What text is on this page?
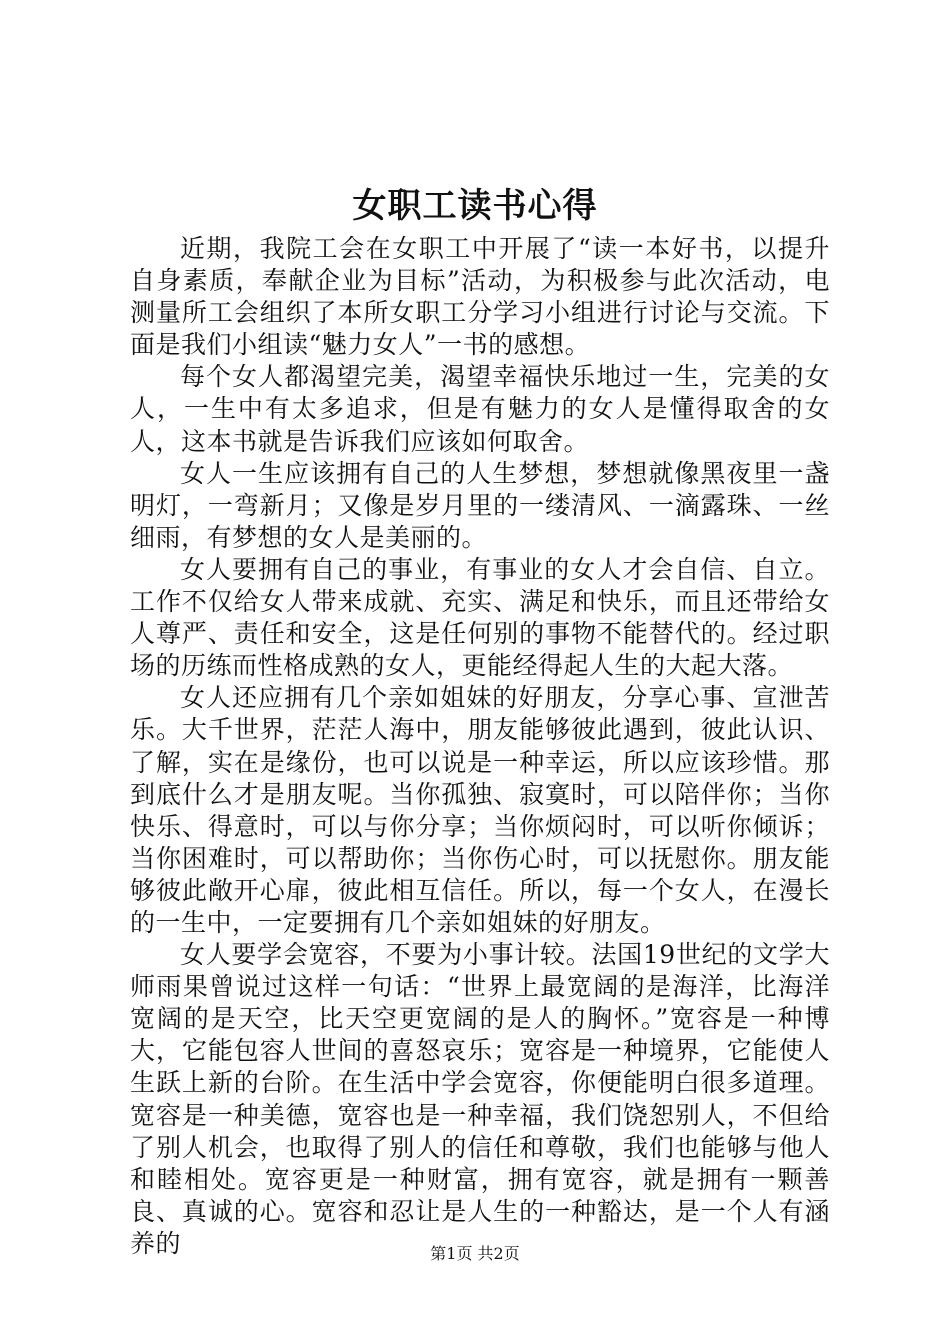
女职工读书心得

近期，我院工会在女职工中开展了“读一本好书，以提升自身素质，奉献企业为目标”活动，为积极参与此次活动，电测量所工会组织了本所女职工分学习小组进行讨论与交流。下面是我们小组读“魅力女人”一书的感想。

每个女人都渴望完美，渴望幸福快乐地过一生，完美的女人，一生中有太多追求，但是有魅力的女人是懂得取舍的女人，这本书就是告诉我们应该如何取舍。

女人一生应该拥有自己的人生梦想，梦想就像黑夜里一盏明灯，一弯新月；又像是岁月里的一缕清风、一滴露珠、一丝细雨，有梦想的女人是美丽的。

女人要拥有自己的事业，有事业的女人才会自信、自立。工作不仅给女人带来成就、充实、满足和快乐，而且还带给女人尊严、责任和安全，这是任何别的事物不能替代的。经过职场的历练而性格成熟的女人，更能经得起人生的大起大落。

女人还应拥有几个亲如姐妹的好朋友，分享心事、宣泄苦乐。大千世界，茫茫人海中，朋友能够彼此遇到，彼此认识、了解，实在是缘份，也可以说是一种幸运，所以应该珍惜。那到底什么才是朋友呢。当你孤独、寂寞时，可以陪伴你；当你快乐、得意时，可以与你分享；当你烦闷时，可以听你倾诉；当你困难时，可以帮助你；当你伤心时，可以抚慰你。朋友能够彼此敞开心扉，彼此相互信任。所以，每一个女人，在漫长的一生中，一定要拥有几个亲如姐妹的好朋友。

女人要学会宽容，不要为小事计较。法国19世纪的文学大师雨果曾说过这样一句话：“世界上最宽阔的是海洋，比海洋宽阔的是天空，比天空更宽阔的是人的胸怀。”宽容是一种博大，它能包容人世间的喜怒哀乐；宽容是一种境界，它能使人生跃上新的台阶。在生活中学会宽容，你便能明白很多道理。宽容是一种美德，宽容也是一种幸福，我们饶恕别人，不但给了别人机会，也取得了别人的信任和尊敬，我们也能够与他人和睦相处。宽容更是一种财富，拥有宽容，就是拥有一颗善良、真诚的心。宽容和忍让是人生的一种豁达，是一个人有涵养的	第1页 共2页
